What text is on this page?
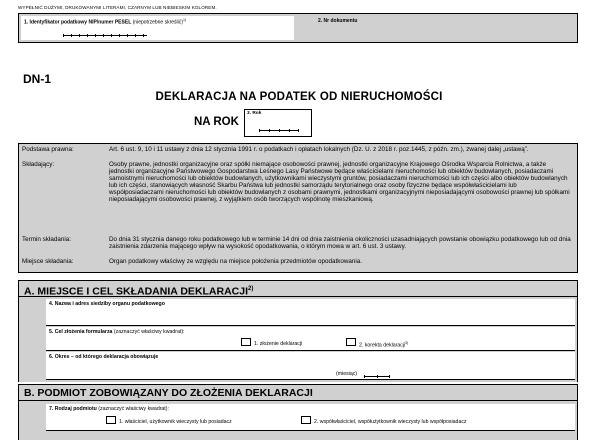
WYPEŁNIĆ DUŻYMI, DRUKOWANYMI LITERAMI, CZARNYM LUB NIEBIESKIM KOLOREM.
1. Identyfikator podatkowy NIP/numer PESEL (niepotrzebne skreślić)$^{1)}$	2. Nr dokumentu
DN-1
DEKLARACJA NA PODATEK OD NIERUCHOMOŚCI
NA ROK
3. Rok
Podstawa prawna:	Art. 6 ust. 9, 10 i 11 ustawy z dnia 12 stycznia 1991 r. o podatkach i opłatach lokalnych (Dz. U. z 2018 r. poz.1445, z późn. zm.), zwanej dalej „ustawą”.
Składający:	Osoby prawne, jednostki organizacyjne oraz spółki niemające osobowości prawnej, jednostki organizacyjne Krajowego Ośrodka Wsparcia Rolnictwa, a także jednostki organizacyjne Państwowego Gospodarstwa Leśnego Lasy Państwowe będące właścicielami nieruchomości lub obiektów budowlanych, posiadaczami samoistnymi nieruchomości lub obiektów budowlanych, użytkownikami wieczystymi gruntów, posiadaczami nieruchomości lub ich części albo obiektów budowlanych lub ich części, stanowiących własność Skarbu Państwa lub jednostki samorządu terytorialnego oraz osoby fizyczne będące współwłaścicielami lub współposiadaczami nieruchomości lub obiektów budowlanych z osobami prawnymi, jednostkami organizacyjnymi nieposiadającymi osobowości prawnej lub spółkami nieposiadającymi osobowości prawnej, z wyjątkiem osób tworzących wspólnotę mieszkaniową.
Termin składania:	Do dnia 31 stycznia danego roku podatkowego lub w terminie 14 dni od dnia zaistnienia okoliczności uzasadniających powstanie obowiązku podatkowego lub od dnia zaistnienia zdarzenia mającego wpływ na wysokość opodatkowania, o którym mowa w art. 6 ust. 3 ustawy.
Miejsce składania:	Organ podatkowy właściwy ze względu na miejsce położenia przedmiotów opodatkowania.
A. MIEJSCE I CEL SKŁADANIA DEKLARACJI$^{2)}$
4. Nazwa i adres siedziby organu podatkowego
5. Cel złożenia formularza (zaznaczyć właściwy kwadrat):
1. złożenie deklaracji	2. korekta deklaracji$^{3)}$
6. Okres – od którego deklaracja obowiązuje
(miesiąc)
B. PODMIOT ZOBOWIĄZANY DO ZŁOŻENIA DEKLARACJI
7. Rodzaj podmiotu (zaznaczyć właściwy kwadrat):
1. właściciel, użytkownik wieczysty lub posiadacz	2. współwłaściciel, współużytkownik wieczysty lub współposiadacz
